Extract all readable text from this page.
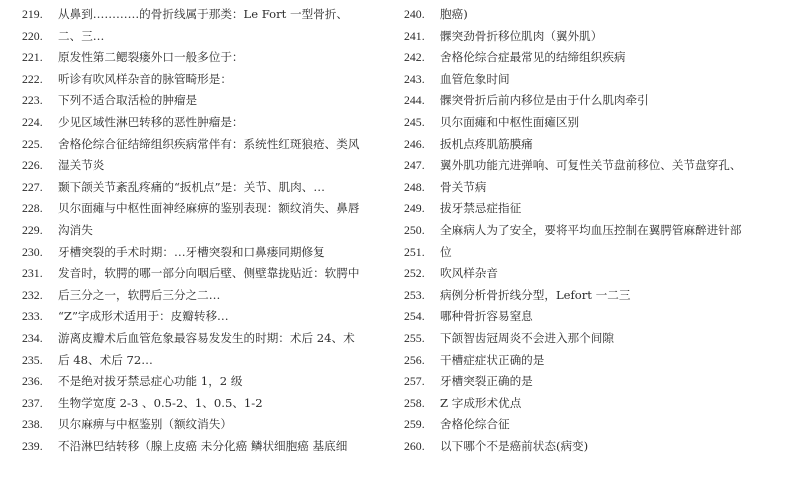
219.	从鼻到…………的骨折线属于那类：Le Fort 一型骨折、
220.	二、三…
221.	原发性第二鳃裂瘘外口一般多位于：
222.	听诊有吹风样杂音的脉管畸形是：
223.	下列不适合取活检的肿瘤是
224.	少见区域性淋巴转移的恶性肿瘤是：
225.	舍格伦综合征结缔组织疾病常伴有：系统性红斑狼疮、类风
226.	湿关节炎
227.	颞下颌关节紊乱疼痛的“扳机点”是：关节、肌肉、…
228.	贝尔面瘫与中枢性面神经麻痹的鉴别表现：额纹消失、鼻唇
229.	沟消失
230.	牙槽突裂的手术时期：…牙槽突裂和口鼻瘘同期修复
231.	发音时，软腭的哪一部分向咽后壁、侧壁靠拢贴近：软腭中
232.	后三分之一，软腭后三分之二…
233.	“Z”字成形术适用于：皮瓣转移…
234.	游离皮瓣术后血管危象最容易发发生的时期：术后 24、术
235.	后 48、术后 72…
236.	不是绝对拔牙禁忌症心功能 1，2 级
237.	生物学宽度 2-3 、0.5-2、1、0.5、1-2
238.	贝尔麻痹与中枢鉴别（额纹消失）
239.	不沿淋巴结转移（腺上皮癌 未分化癌 鳞状细胞癌 基底细
240.	胞癌)
241.	髁突劲骨折移位肌肉（翼外肌）
242.	舍格伦综合症最常见的结缔组织疾病
243.	血管危象时间
244.	髁突骨折后前内移位是由于什么肌肉牵引
245.	贝尔面瘫和中枢性面瘫区别
246.	扳机点疼肌筋膜痛
247.	翼外肌功能亢进弹响、可复性关节盘前移位、关节盘穿孔、
248.	骨关节病
249.	拔牙禁忌症指征
250.	全麻病人为了安全，要将平均血压控制在翼腭管麻醉进针部
251.	位
252.	吹风样杂音
253.	病例分析骨折线分型，Lefort 一二三
254.	哪种骨折容易窒息
255.	下颌智齿冠周炎不会进入那个间隙
256.	干槽症症状正确的是
257.	牙槽突裂正确的是
258.	Z 字成形术优点
259.	舍格伦综合征
260.	以下哪个不是癌前状态(病变)
